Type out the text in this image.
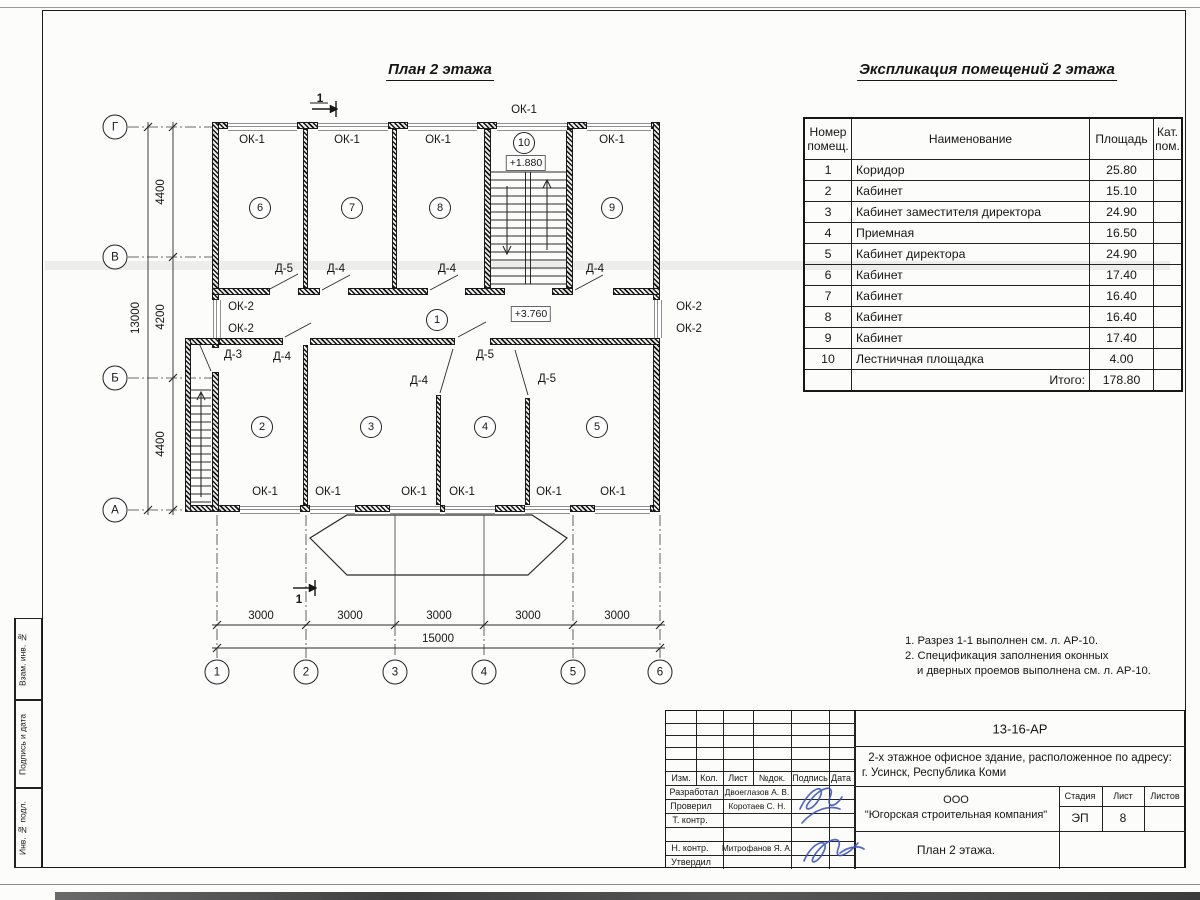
Взам. инв. №
Подпись и дата
Инв. № подл.
План 2 этажа	Экспликация помещений 2 этажа
Г
В
Б
А
1	2	3	4	5	6
6	7	8	9
10
1
2	3	4	5
+1.880
+3.760
ОК-1	ОК-1	ОК-1	ОК-1
ОК-1
ОК-1	ОК-1	ОК-1 ОК-1	ОК-1	ОК-1
ОК-2
ОК-2
ОК-2
ОК-2
Д-5	Д-4	Д-4	Д-4
Д-3	Д-4	Д-5
Д-4	Д-5
4400
4200
4400
13000
3000	3000	3000	3000	3000
15000
1
1
Номер помещ.	Наименование	Площадь	Кат. пом.
1	Коридор	25.80	
2	Кабинет	15.10	
3	Кабинет заместителя директора	24.90	
4	Приемная	16.50	
5	Кабинет директора	24.90	
6	Кабинет	17.40	
7	Кабинет	16.40	
8	Кабинет	16.40	
9	Кабинет	17.40	
10	Лестничная площадка	4.00	
	Итого:	178.80	
1. Разрез 1-1 выполнен см. л. АР-10.
2. Спецификация заполнения оконных
и дверных проемов выполнена см. л. АР-10.
Изм. Кол. Лист №док. Подпись Дата
Разработал Двоеглазов А. В.
Проверил Коротаев С. Н.
Т. контр.
Н. контр. Митрофанов Я. А.
Утвердил
13-16-АР
2-х этажное офисное здание, расположенное по адресу:
г. Усинск, Республика Коми
ООО
"Югорская строительная компания"
Стадия Лист Листов
ЭП	8
План 2 этажа.
